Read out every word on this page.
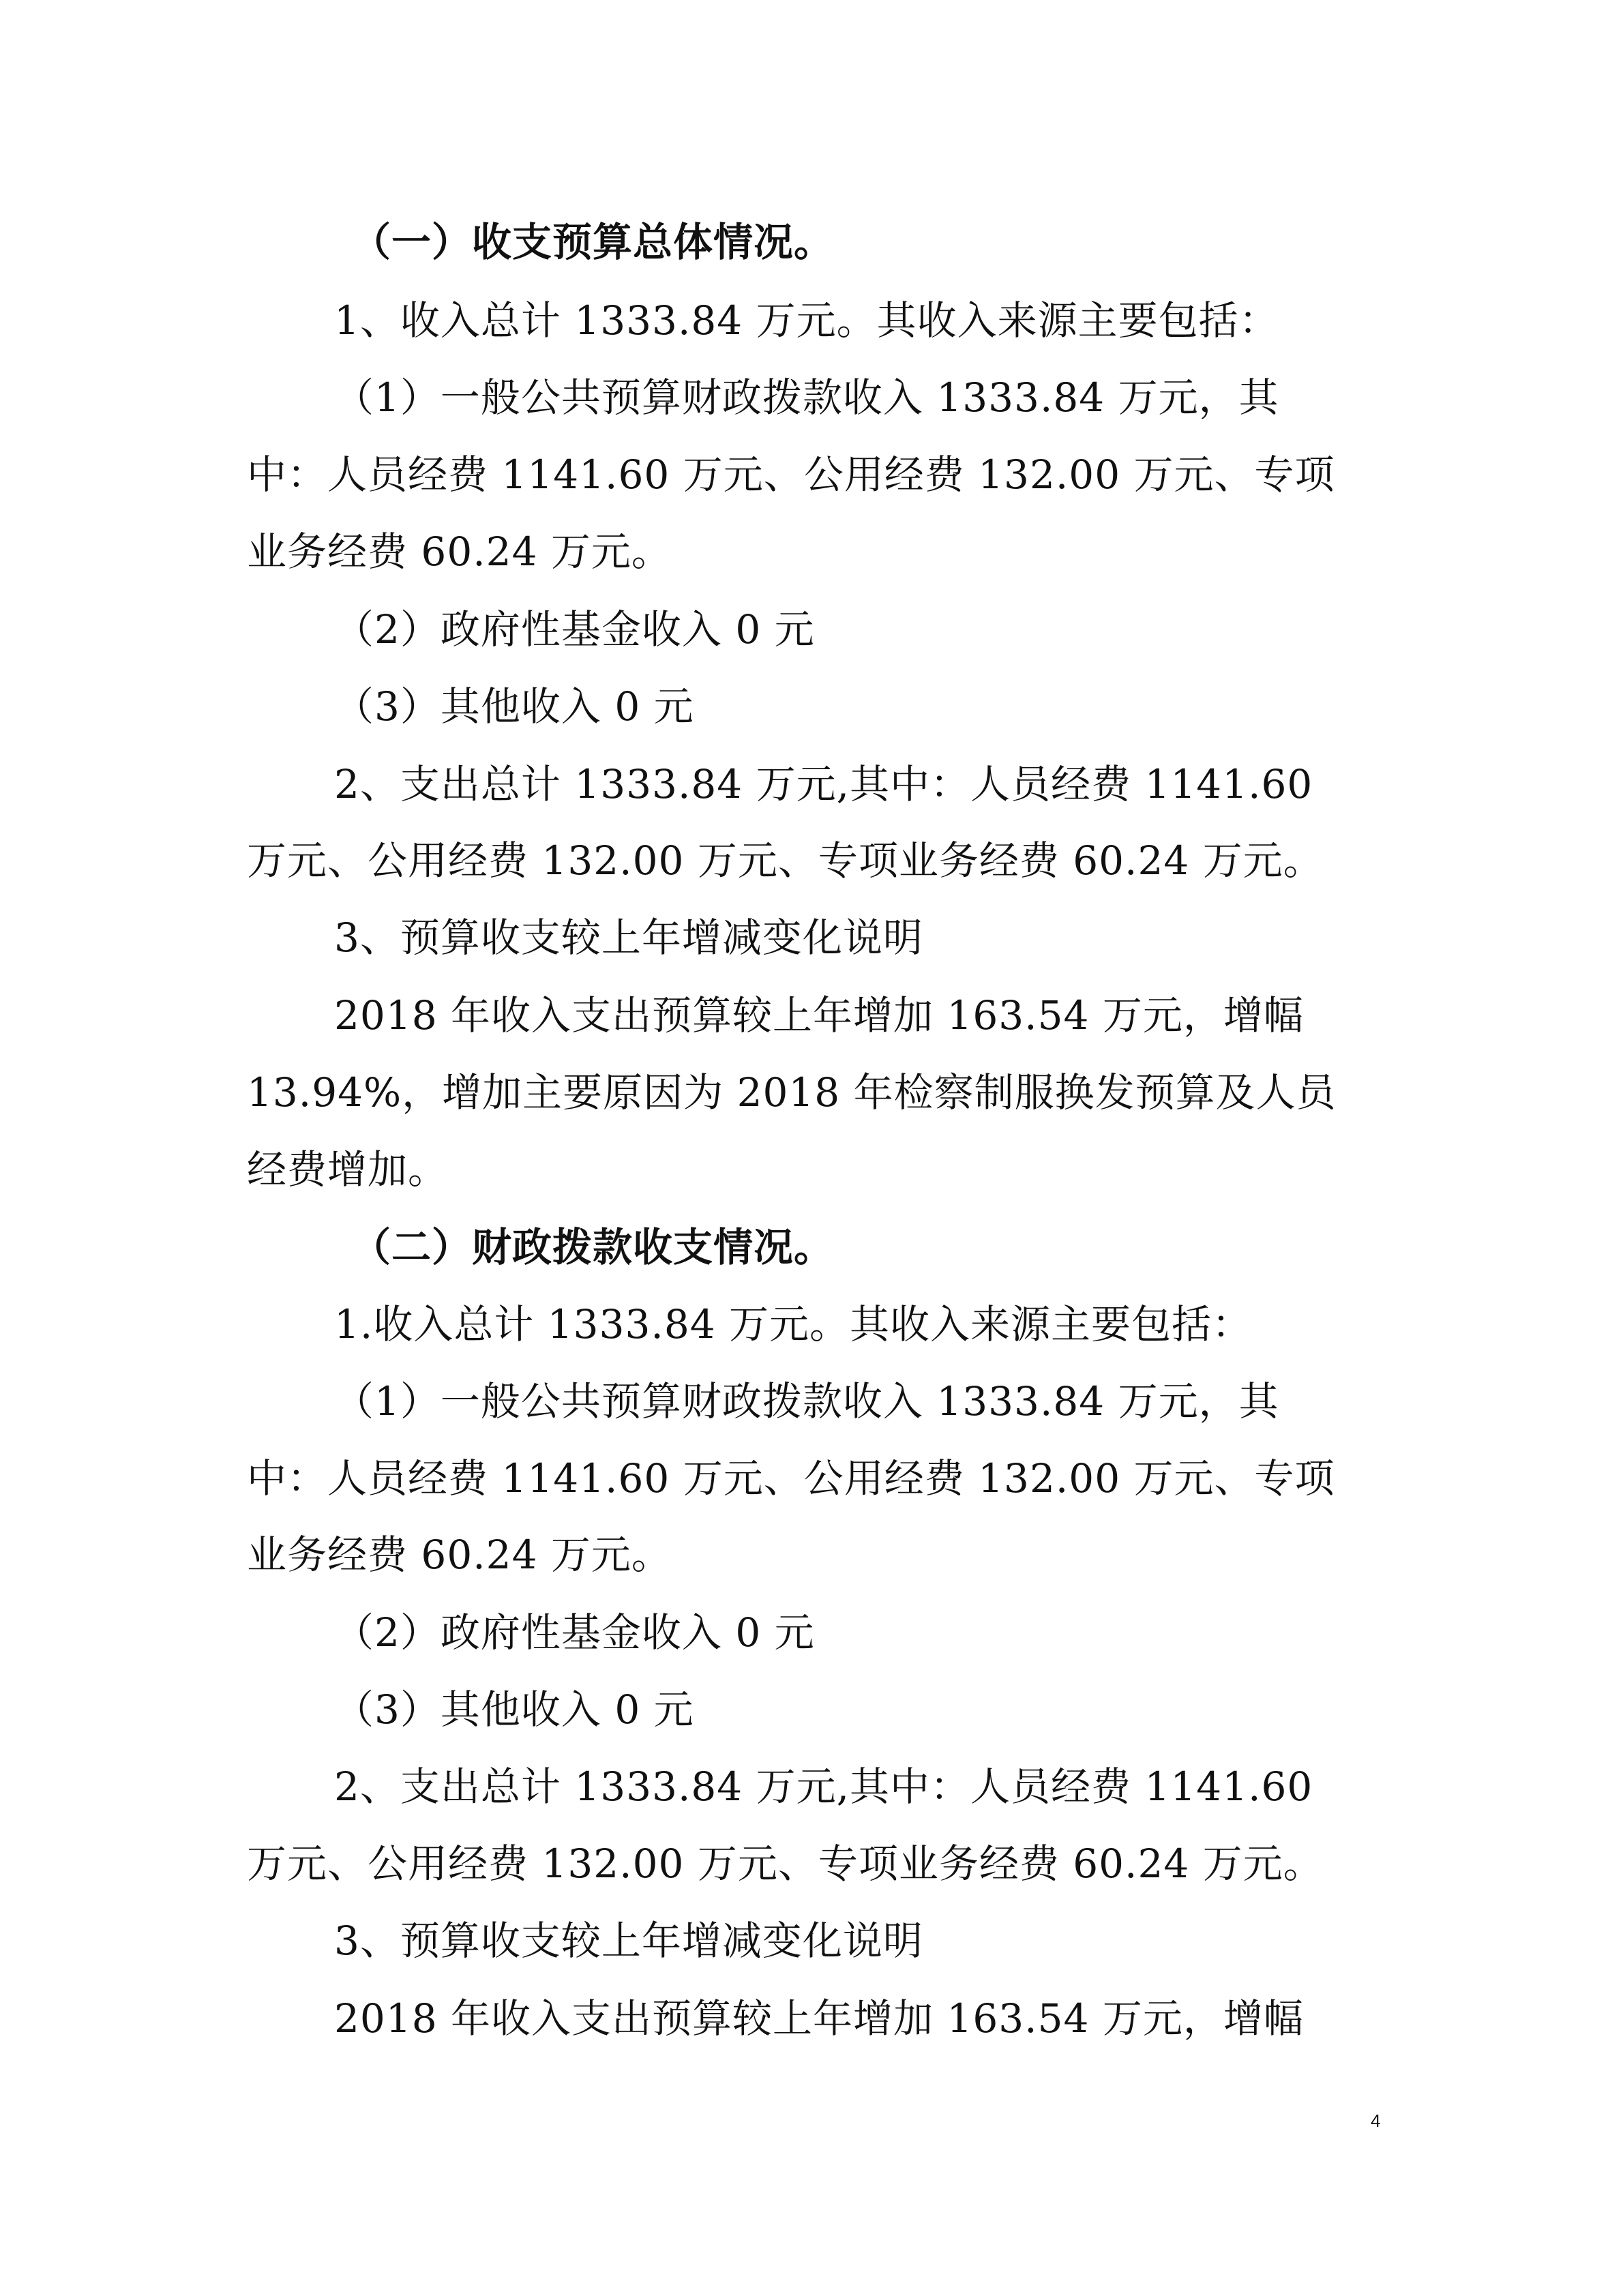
（一）收支预算总体情况。
1、收入总计 1333.84 万元。其收入来源主要包括：
（1）一般公共预算财政拨款收入 1333.84 万元，其
中：人员经费 1141.60 万元、公用经费 132.00 万元、专项
业务经费 60.24 万元。
（2）政府性基金收入 0 元
（3）其他收入 0 元
2、支出总计 1333.84 万元,其中：人员经费 1141.60
万元、公用经费 132.00 万元、专项业务经费 60.24 万元。
3、预算收支较上年增减变化说明
2018 年收入支出预算较上年增加 163.54 万元，增幅
13.94%，增加主要原因为 2018 年检察制服换发预算及人员
经费增加。
（二）财政拨款收支情况。
1.收入总计 1333.84 万元。其收入来源主要包括：
（1）一般公共预算财政拨款收入 1333.84 万元，其
中：人员经费 1141.60 万元、公用经费 132.00 万元、专项
业务经费 60.24 万元。
（2）政府性基金收入 0 元
（3）其他收入 0 元
2、支出总计 1333.84 万元,其中：人员经费 1141.60
万元、公用经费 132.00 万元、专项业务经费 60.24 万元。
3、预算收支较上年增减变化说明
2018 年收入支出预算较上年增加 163.54 万元，增幅
4
